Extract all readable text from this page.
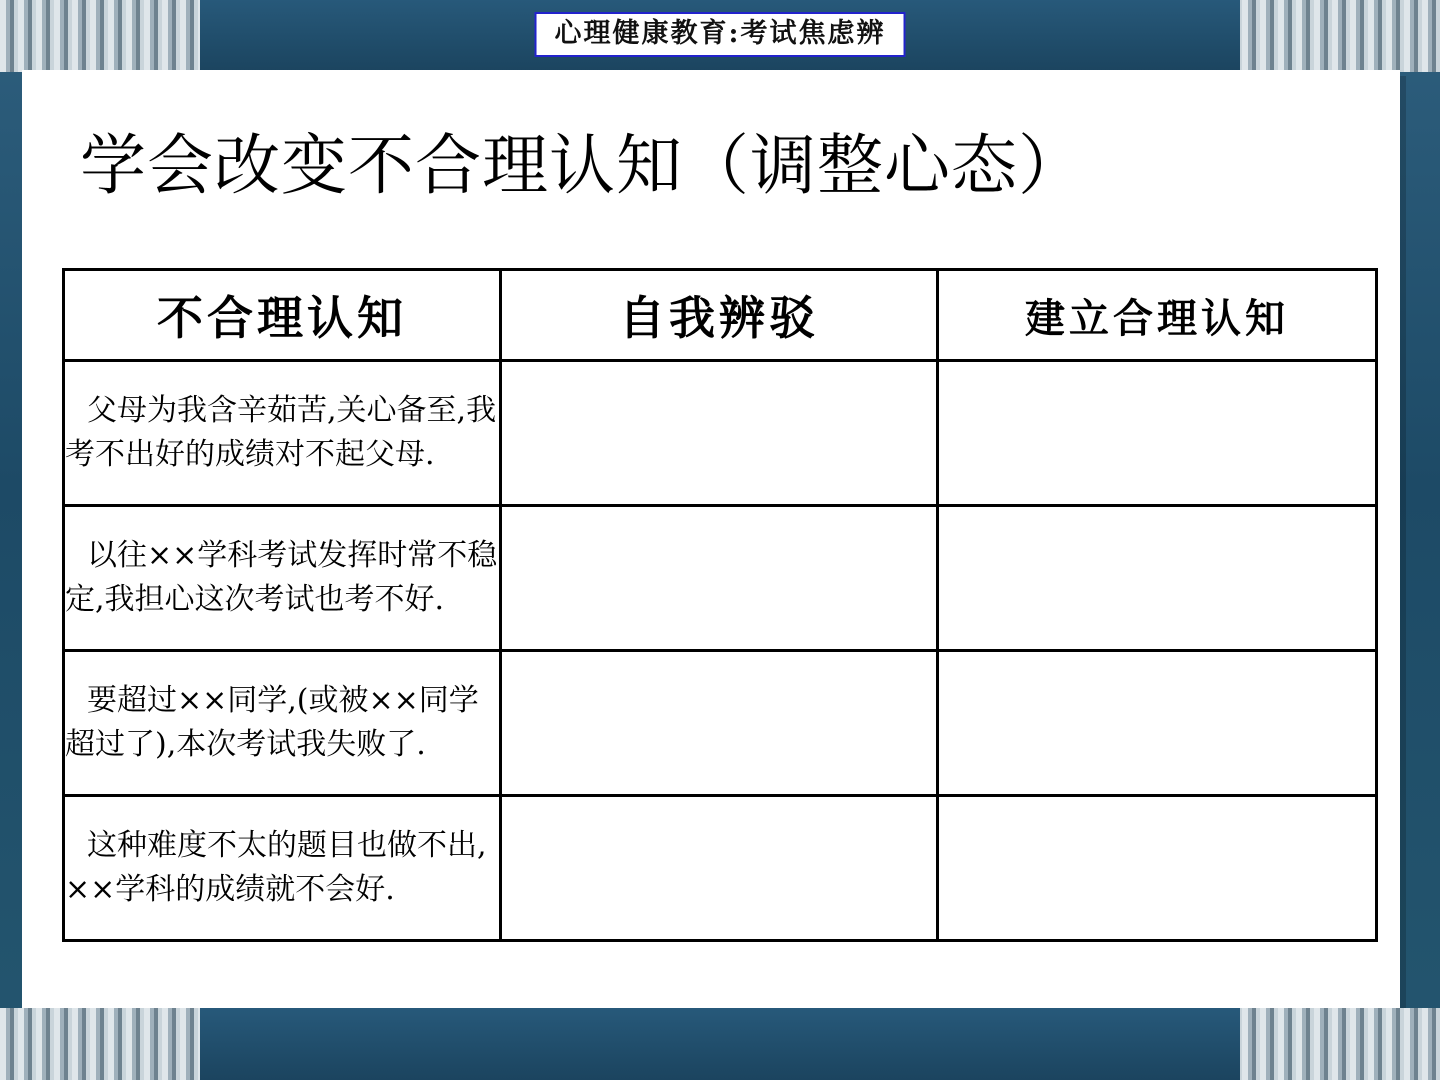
心理健康教育:考试焦虑辨
学会改变不合理认知（调整心态）
不合理认知	自我辨驳	建立合理认知
父母为我含辛茹苦,关心备至,我考不出好的成绩对不起父母.		
以往××学科考试发挥时常不稳定,我担心这次考试也考不好.		
要超过××同学,(或被××同学超过了),本次考试我失败了.		
这种难度不太的题目也做不出,××学科的成绩就不会好.		
